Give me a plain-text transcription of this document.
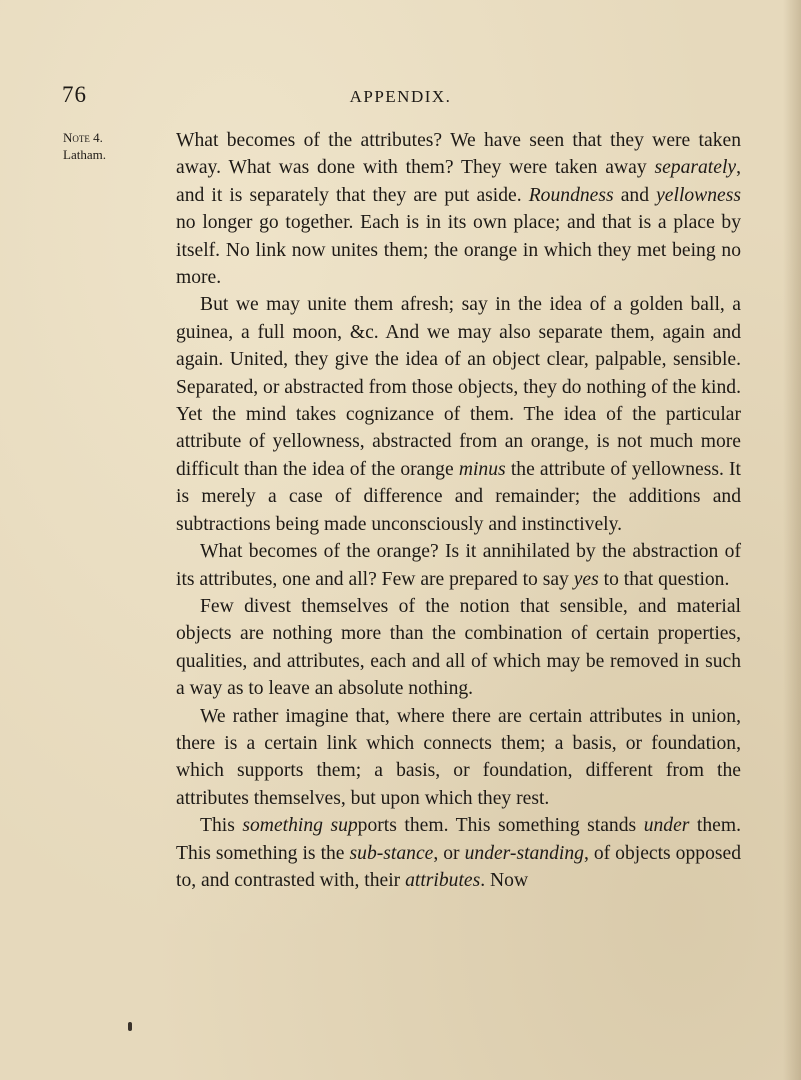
76	APPENDIX.
Note 4.
Latham.

What becomes of the attributes? We have seen that they were taken away. What was done with them? They were taken away separately, and it is separately that they are put aside. Roundness and yellowness no longer go together. Each is in its own place; and that is a place by itself. No link now unites them; the orange in which they met being no more.

But we may unite them afresh; say in the idea of a golden ball, a guinea, a full moon, &c. And we may also separate them, again and again. United, they give the idea of an object clear, palpable, sensible. Separated, or abstracted from those objects, they do nothing of the kind. Yet the mind takes cognizance of them. The idea of the particular attribute of yellowness, abstracted from an orange, is not much more difficult than the idea of the orange minus the attribute of yellowness. It is merely a case of difference and remainder; the additions and subtractions being made unconsciously and instinctively.

What becomes of the orange? Is it annihilated by the abstraction of its attributes, one and all? Few are prepared to say yes to that question.

Few divest themselves of the notion that sensible, and material objects are nothing more than the combination of certain properties, qualities, and attributes, each and all of which may be removed in such a way as to leave an absolute nothing.

We rather imagine that, where there are certain attributes in union, there is a certain link which connects them; a basis, or foundation, which supports them; a basis, or foundation, different from the attributes themselves, but upon which they rest.

This something supports them. This something stands under them. This something is the sub-stance, or under-standing, of objects opposed to, and contrasted with, their attributes. Now
